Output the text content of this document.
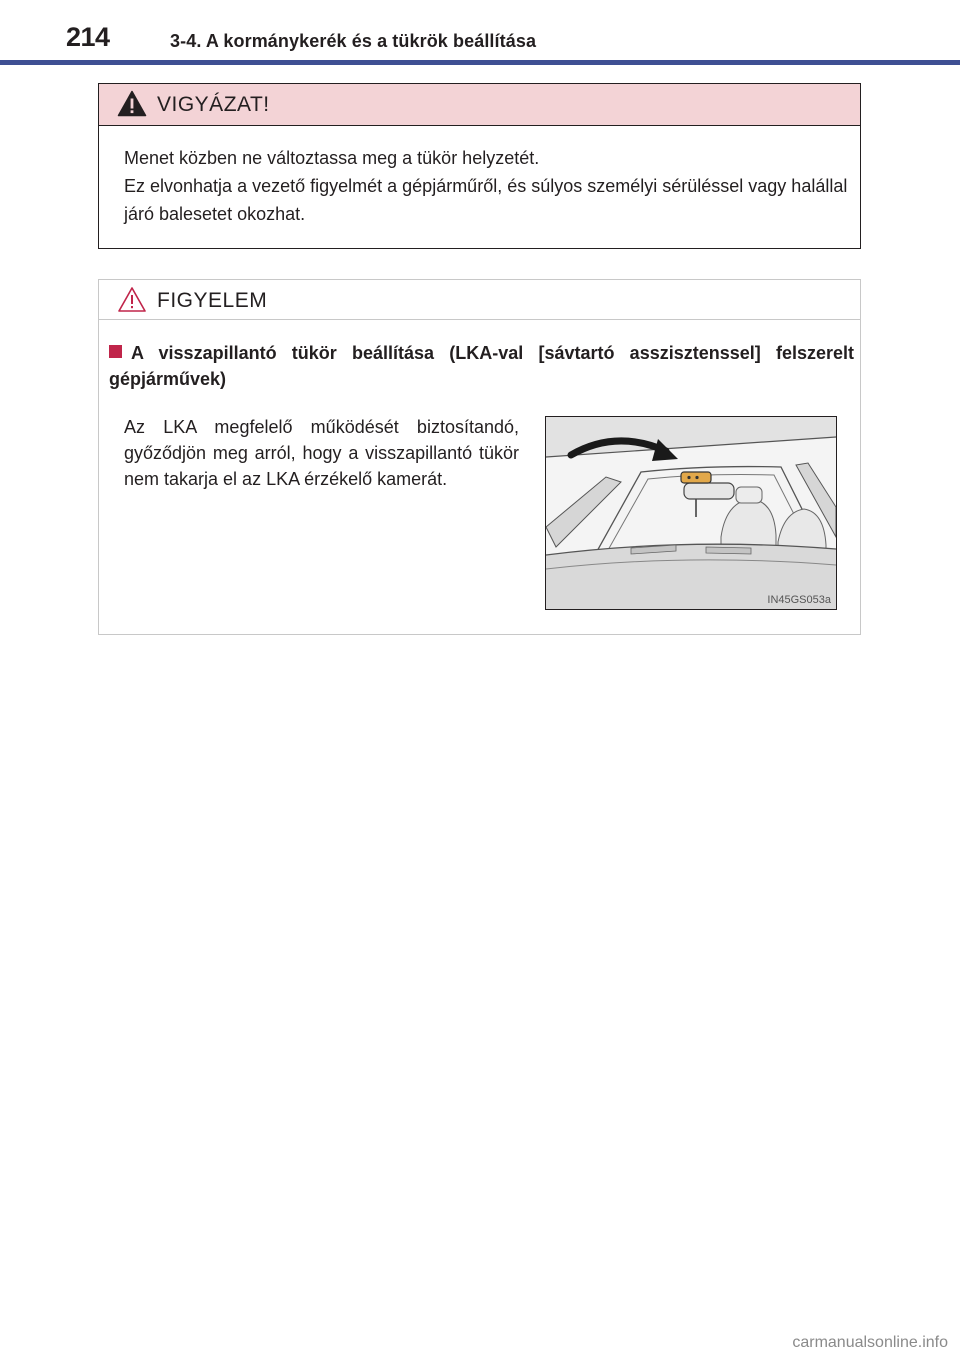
214	3-4. A kormánykerék és a tükrök beállítása
VIGYÁZAT!

Menet közben ne változtassa meg a tükör helyzetét.

Ez elvonhatja a vezető figyelmét a gépjárműről, és súlyos személyi sérüléssel vagy halállal járó balesetet okozhat.

FIGYELEM
A visszapillantó tükör beállítása (LKA-val [sávtartó asszisztenssel] felszerelt gépjárművek)

Az LKA megfelelő működését biztosítandó, győződjön meg arról, hogy a visszapillantó tükör nem takarja el az LKA érzékelő kamerát.

IN45GS053a
carmanualsonline.info
